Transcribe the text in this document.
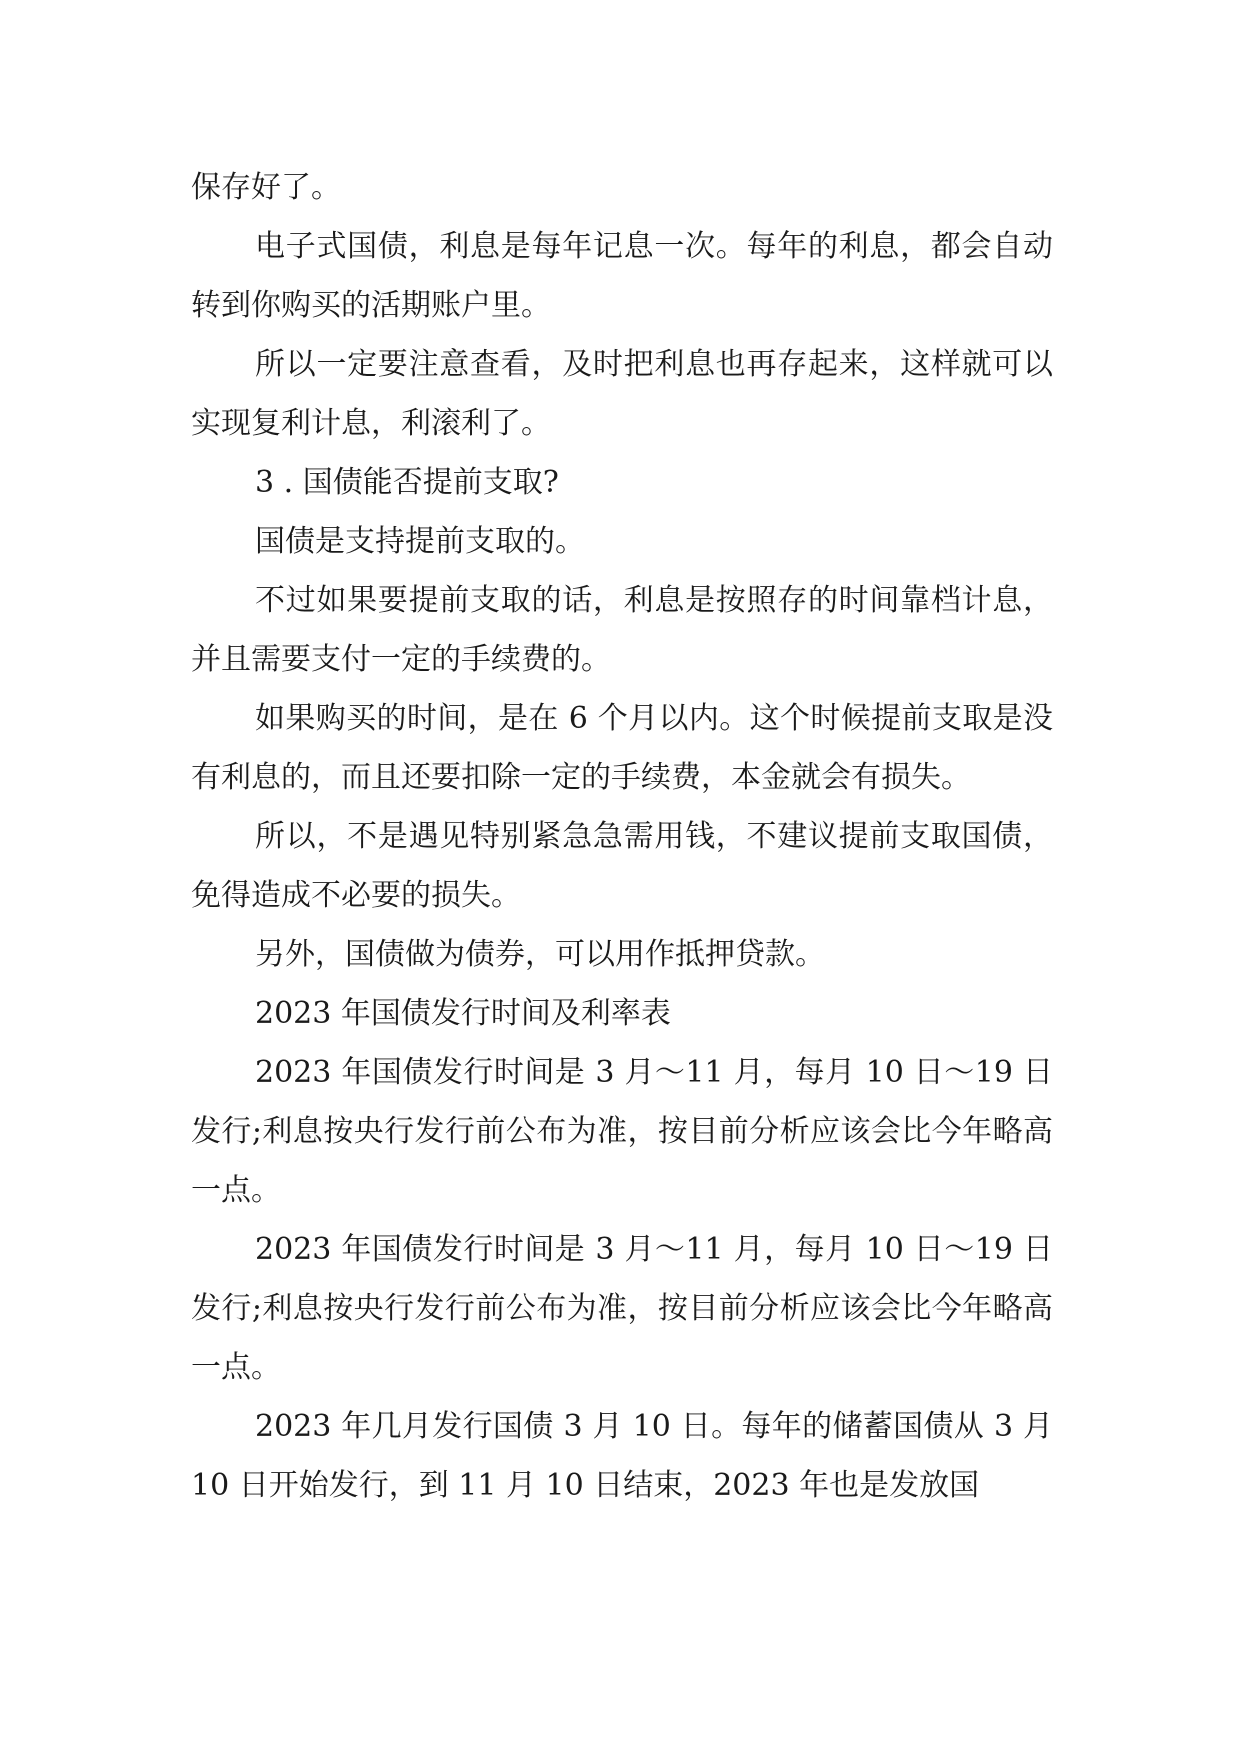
保存好了。

电子式国债，利息是每年记息一次。每年的利息，都会自动转到你购买的活期账户里。

所以一定要注意查看，及时把利息也再存起来，这样就可以实现复利计息，利滚利了。

3 . 国债能否提前支取?

国债是支持提前支取的。

不过如果要提前支取的话，利息是按照存的时间靠档计息，并且需要支付一定的手续费的。

如果购买的时间，是在 6 个月以内。这个时候提前支取是没有利息的，而且还要扣除一定的手续费，本金就会有损失。

所以，不是遇见特别紧急急需用钱，不建议提前支取国债，免得造成不必要的损失。

另外，国债做为债券，可以用作抵押贷款。

2023 年国债发行时间及利率表

2023 年国债发行时间是 3 月～11 月，每月 10 日～19 日发行;利息按央行发行前公布为准，按目前分析应该会比今年略高一点。

2023 年国债发行时间是 3 月～11 月，每月 10 日～19 日发行;利息按央行发行前公布为准，按目前分析应该会比今年略高一点。

2023 年几月发行国债 3 月 10 日。每年的储蓄国债从 3 月 10 日开始发行，到 11 月 10 日结束，2023 年也是发放国
